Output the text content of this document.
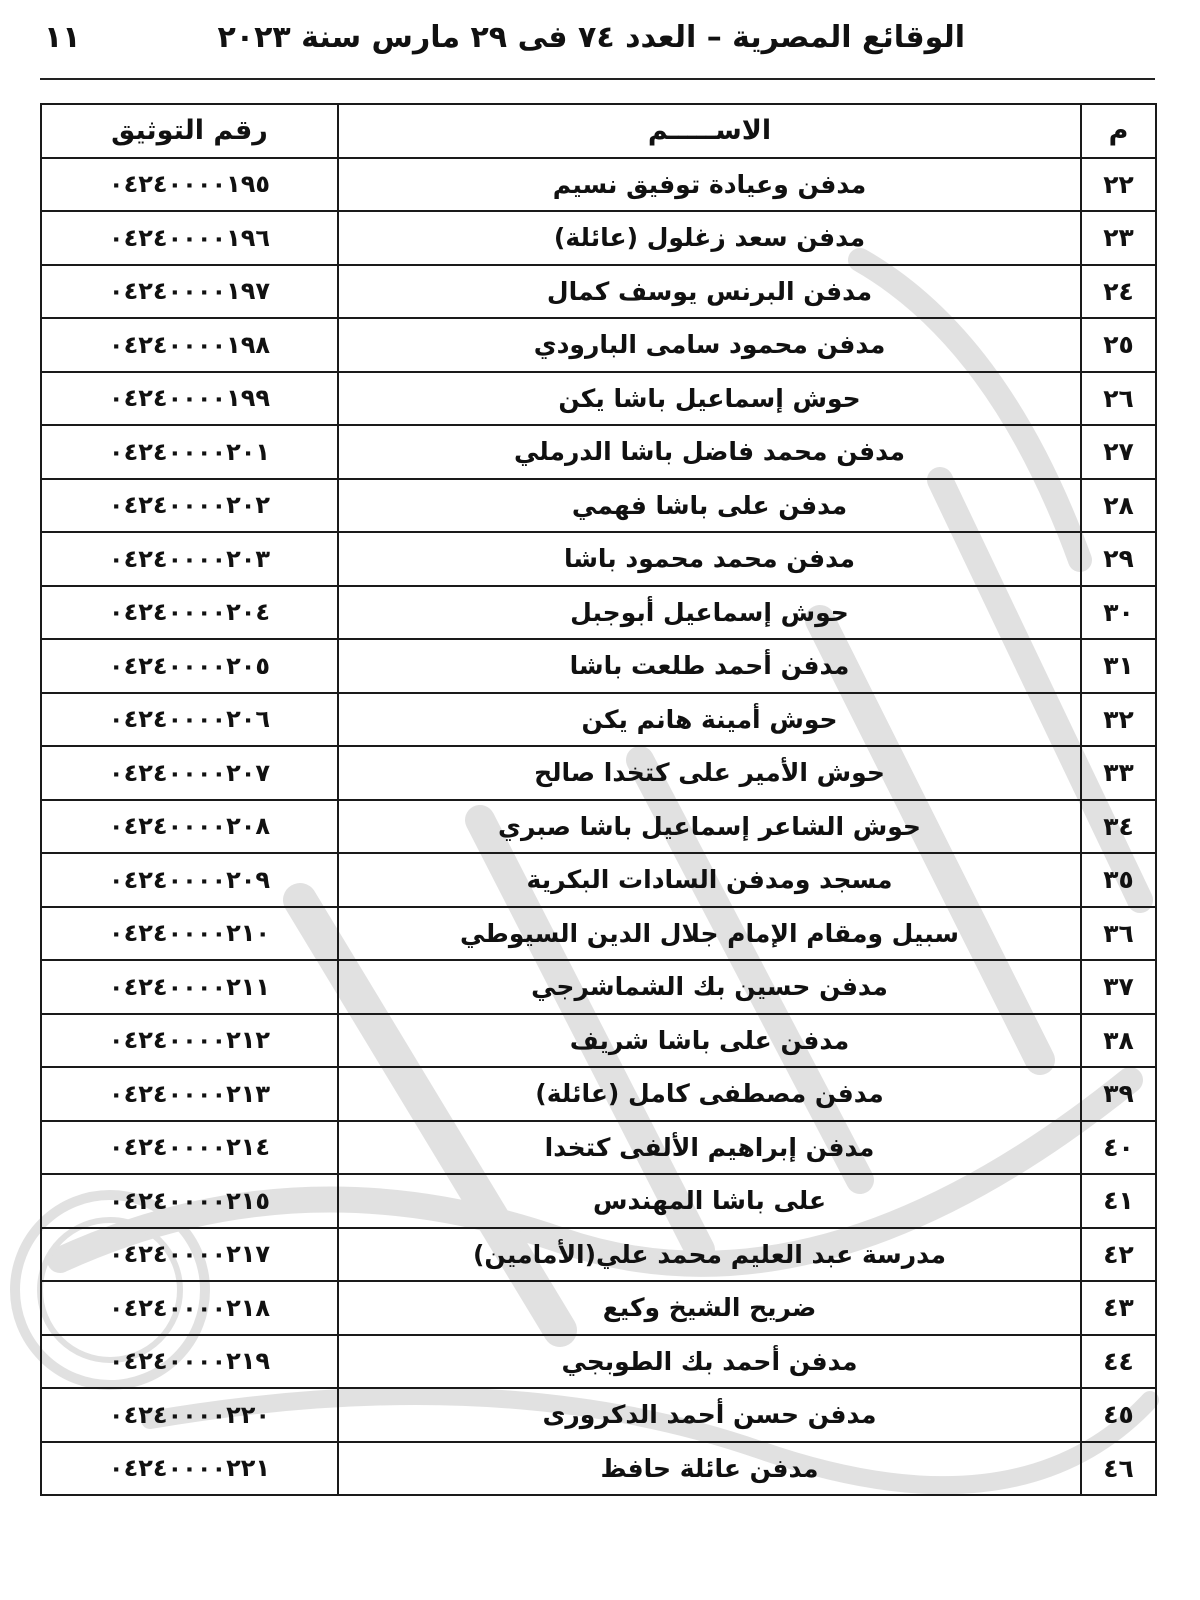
١١	الوقائع المصرية – العدد ٧٤ فى ٢٩ مارس سنة ٢٠٢٣
م	الاســـــم	رقم التوثيق
٢٢	مدفن وعيادة توفيق نسيم	٠٤٢٤٠٠٠٠١٩٥
٢٣	مدفن سعد زغلول (عائلة)	٠٤٢٤٠٠٠٠١٩٦
٢٤	مدفن البرنس يوسف كمال	٠٤٢٤٠٠٠٠١٩٧
٢٥	مدفن محمود سامى البارودي	٠٤٢٤٠٠٠٠١٩٨
٢٦	حوش إسماعيل باشا يكن	٠٤٢٤٠٠٠٠١٩٩
٢٧	مدفن محمد فاضل باشا الدرملي	٠٤٢٤٠٠٠٠٢٠١
٢٨	مدفن على باشا فهمي	٠٤٢٤٠٠٠٠٢٠٢
٢٩	مدفن محمد محمود باشا	٠٤٢٤٠٠٠٠٢٠٣
٣٠	حوش إسماعيل أبوجبل	٠٤٢٤٠٠٠٠٢٠٤
٣١	مدفن أحمد طلعت باشا	٠٤٢٤٠٠٠٠٢٠٥
٣٢	حوش أمينة هانم يكن	٠٤٢٤٠٠٠٠٢٠٦
٣٣	حوش الأمير على كتخدا صالح	٠٤٢٤٠٠٠٠٢٠٧
٣٤	حوش الشاعر إسماعيل باشا صبري	٠٤٢٤٠٠٠٠٢٠٨
٣٥	مسجد ومدفن السادات البكرية	٠٤٢٤٠٠٠٠٢٠٩
٣٦	سبيل ومقام الإمام جلال الدين السيوطي	٠٤٢٤٠٠٠٠٢١٠
٣٧	مدفن حسين بك الشماشرجي	٠٤٢٤٠٠٠٠٢١١
٣٨	مدفن على باشا شريف	٠٤٢٤٠٠٠٠٢١٢
٣٩	مدفن مصطفى كامل (عائلة)	٠٤٢٤٠٠٠٠٢١٣
٤٠	مدفن إبراهيم الألفى كتخدا	٠٤٢٤٠٠٠٠٢١٤
٤١	على باشا المهندس	٠٤٢٤٠٠٠٠٢١٥
٤٢	مدرسة عبد العليم محمد علي(الأمامين)	٠٤٢٤٠٠٠٠٢١٧
٤٣	ضريح الشيخ وكيع	٠٤٢٤٠٠٠٠٢١٨
٤٤	مدفن أحمد بك الطوبجي	٠٤٢٤٠٠٠٠٢١٩
٤٥	مدفن حسن أحمد الدكرورى	٠٤٢٤٠٠٠٠٢٢٠
٤٦	مدفن عائلة حافظ	٠٤٢٤٠٠٠٠٢٢١
